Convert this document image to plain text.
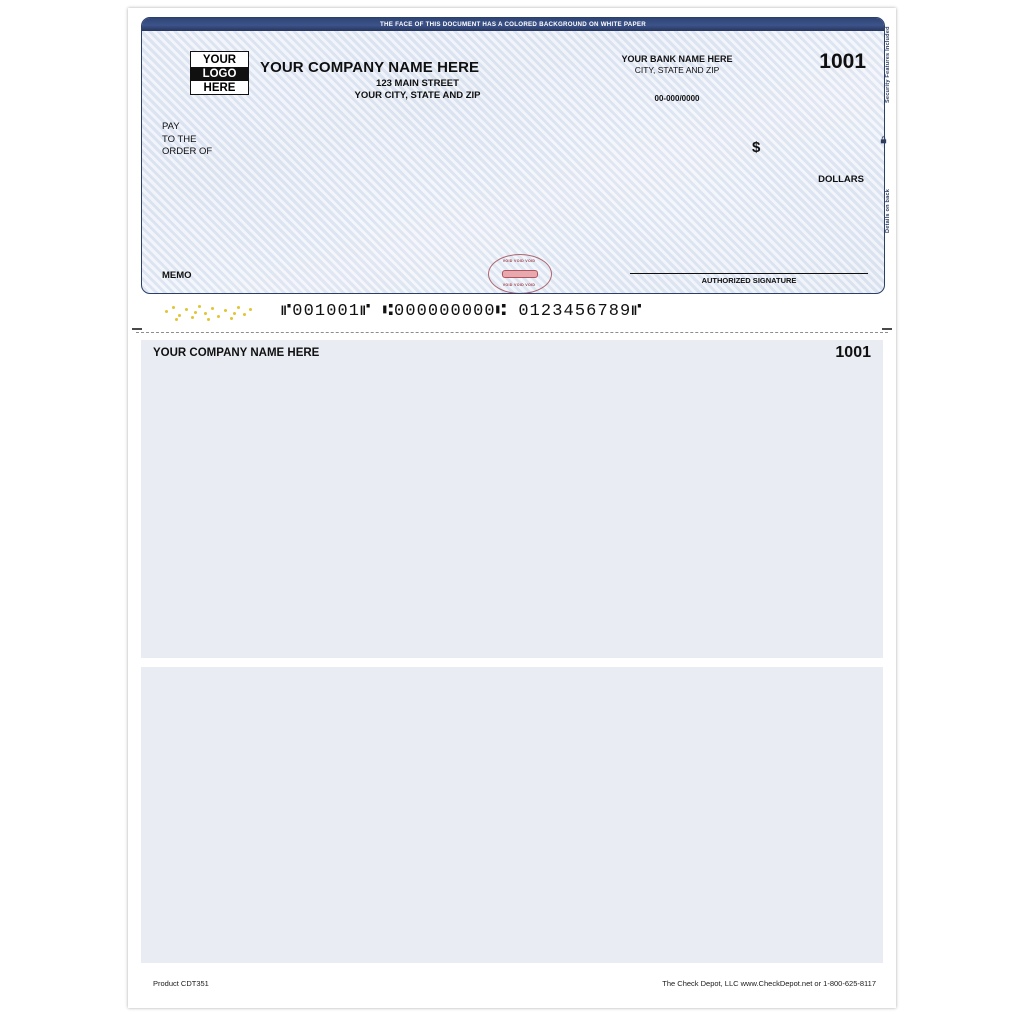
THE FACE OF THIS DOCUMENT HAS A COLORED BACKGROUND ON WHITE PAPER
YOUR
LOGO
HERE
YOUR COMPANY NAME HERE
123 MAIN STREET
YOUR CITY, STATE AND ZIP
YOUR BANK NAME HERE
CITY, STATE AND ZIP
00-000/0000
1001
PAY
TO THE
ORDER OF	$
DOLLARS
MEMO	AUTHORIZED SIGNATURE
VOID VOID VOID
VOID VOID VOID
Security Features Included
Details on back
⑈001001⑈ ⑆000000000⑆ 0123456789⑈
YOUR COMPANY NAME HERE	1001
Product CDT351	The Check Depot, LLC www.CheckDepot.net or 1-800-625-8117
